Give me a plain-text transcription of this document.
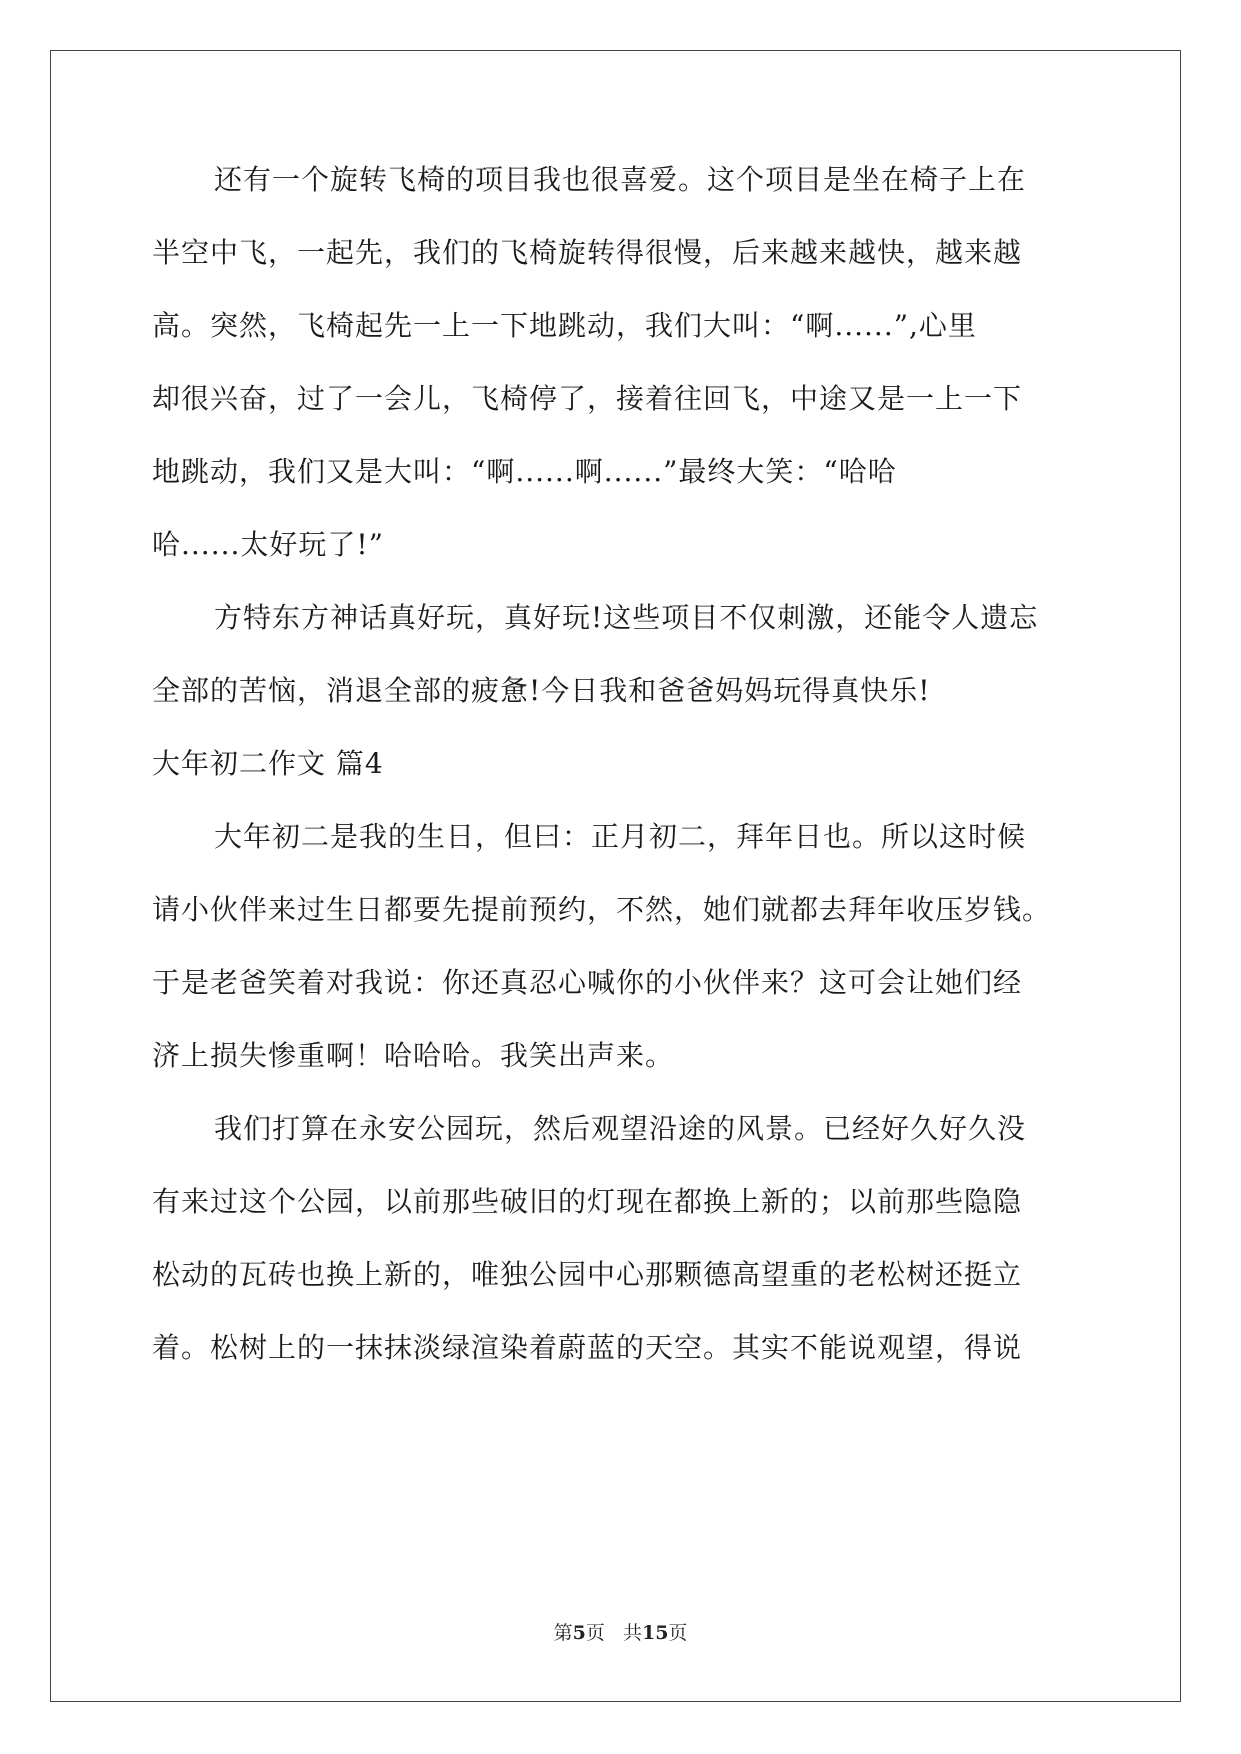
还有一个旋转飞椅的项目我也很喜爱。这个项目是坐在椅子上在
半空中飞，一起先，我们的飞椅旋转得很慢，后来越来越快，越来越
高。突然，飞椅起先一上一下地跳动，我们大叫：“啊......”,心里
却很兴奋，过了一会儿，飞椅停了，接着往回飞，中途又是一上一下
地跳动，我们又是大叫：“啊......啊......”最终大笑：“哈哈
哈......太好玩了!”
方特东方神话真好玩，真好玩!这些项目不仅刺激，还能令人遗忘
全部的苦恼，消退全部的疲惫!今日我和爸爸妈妈玩得真快乐!
大年初二作文 篇4
大年初二是我的生日，但曰：正月初二，拜年日也。所以这时候
请小伙伴来过生日都要先提前预约，不然，她们就都去拜年收压岁钱。
于是老爸笑着对我说：你还真忍心喊你的小伙伴来？这可会让她们经
济上损失惨重啊！哈哈哈。我笑出声来。
我们打算在永安公园玩，然后观望沿途的风景。已经好久好久没
有来过这个公园，以前那些破旧的灯现在都换上新的；以前那些隐隐
松动的瓦砖也换上新的，唯独公园中心那颗德高望重的老松树还挺立
着。松树上的一抹抹淡绿渲染着蔚蓝的天空。其实不能说观望，得说
第5页 共15页
